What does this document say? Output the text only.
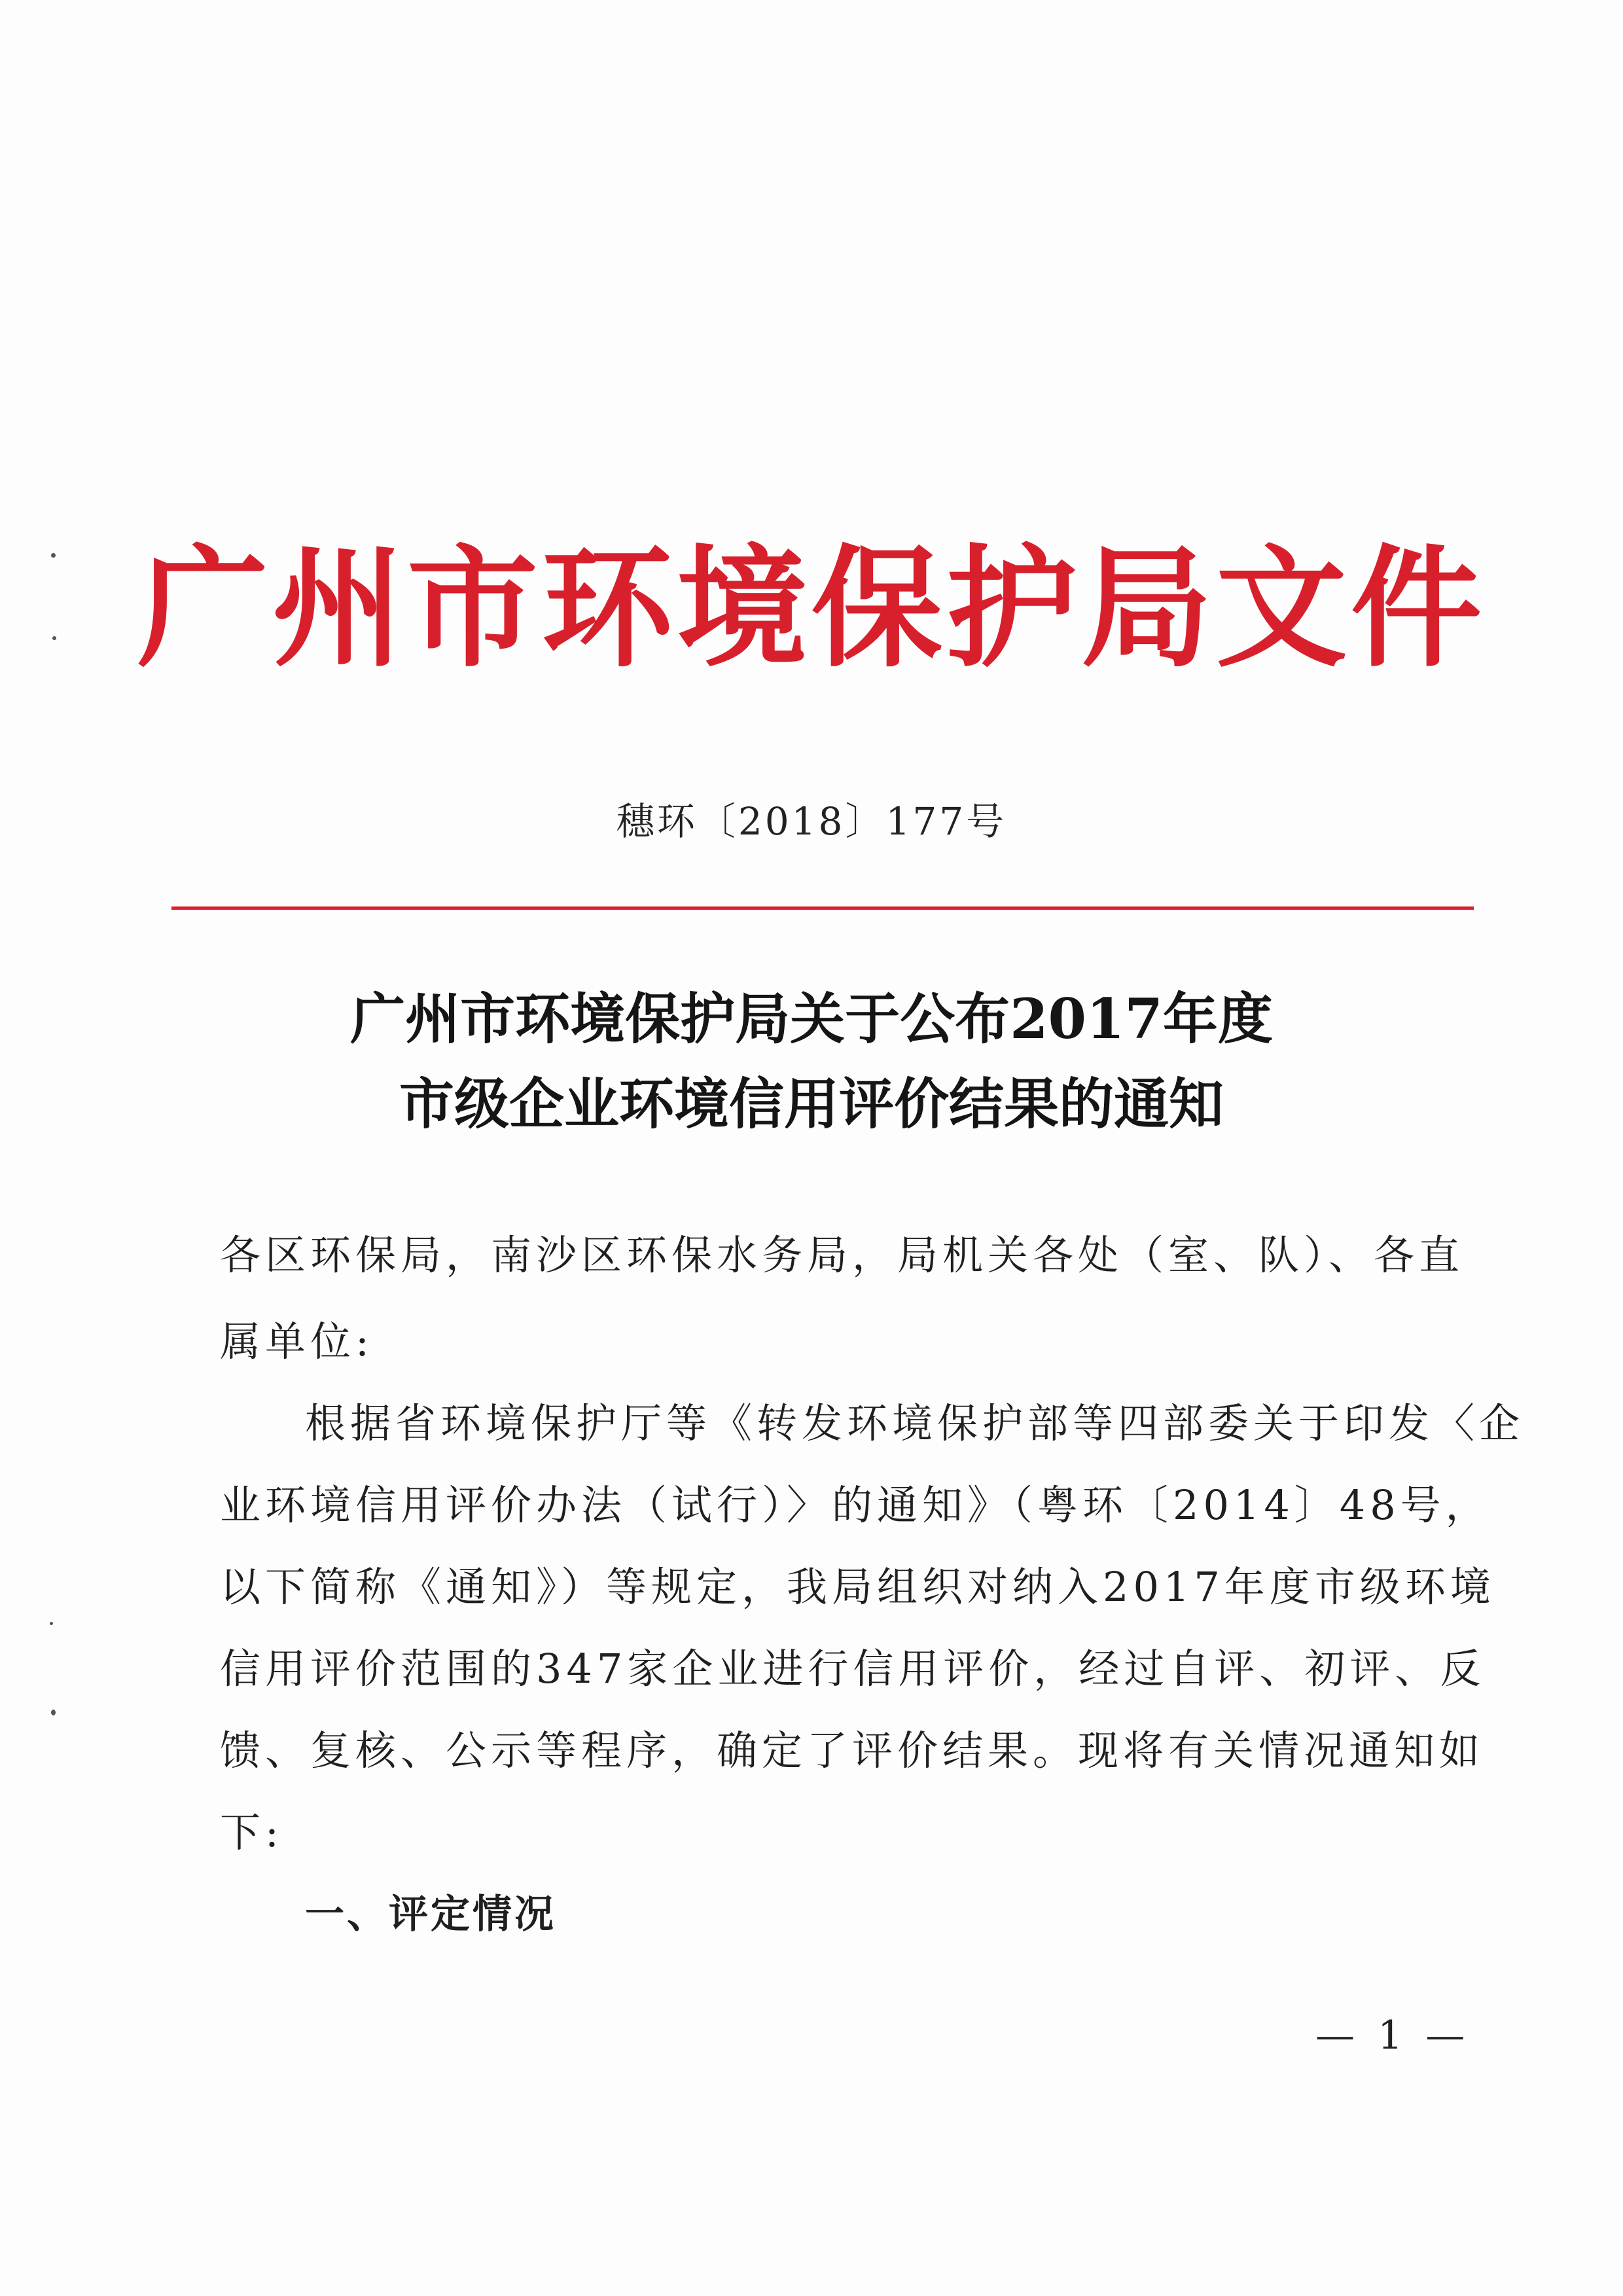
广州市环境保护局文件
穗环〔2018〕177号
广州市环境保护局关于公布2017年度
市级企业环境信用评价结果的通知
各区环保局，南沙区环保水务局，局机关各处（室、队）、各直
属单位:
根据省环境保护厅等《转发环境保护部等四部委关于印发〈企
业环境信用评价办法（试行）〉的通知》（粤环〔2014〕48号，
以下简称《通知》）等规定，我局组织对纳入2017年度市级环境
信用评价范围的347家企业进行信用评价，经过自评、初评、反
馈、复核、公示等程序，确定了评价结果。现将有关情况通知如
下:
一、评定情况
— 1 —
